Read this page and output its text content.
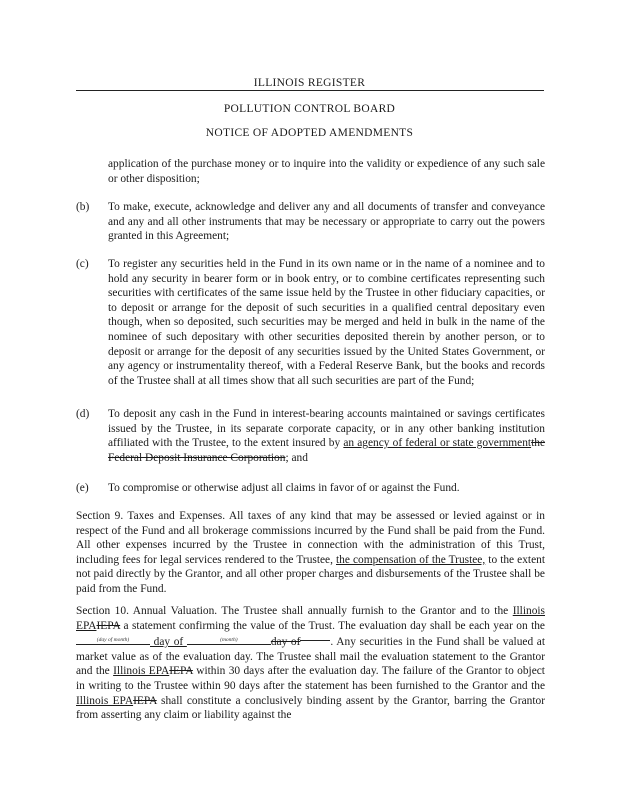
ILLINOIS REGISTER
POLLUTION CONTROL BOARD
NOTICE OF ADOPTED AMENDMENTS
application of the purchase money or to inquire into the validity or expedience of any such sale or other disposition;
(b) To make, execute, acknowledge and deliver any and all documents of transfer and conveyance and any and all other instruments that may be necessary or appropriate to carry out the powers granted in this Agreement;
(c) To register any securities held in the Fund in its own name or in the name of a nominee and to hold any security in bearer form or in book entry, or to combine certificates representing such securities with certificates of the same issue held by the Trustee in other fiduciary capacities, or to deposit or arrange for the deposit of such securities in a qualified central depositary even though, when so deposited, such securities may be merged and held in bulk in the name of the nominee of such depositary with other securities deposited therein by another person, or to deposit or arrange for the deposit of any securities issued by the United States Government, or any agency or instrumentality thereof, with a Federal Reserve Bank, but the books and records of the Trustee shall at all times show that all such securities are part of the Fund;
(d) To deposit any cash in the Fund in interest-bearing accounts maintained or savings certificates issued by the Trustee, in its separate corporate capacity, or in any other banking institution affiliated with the Trustee, to the extent insured by an agency of federal or state governmentthe Federal Deposit Insurance Corporation; and
(e) To compromise or otherwise adjust all claims in favor of or against the Fund.
Section 9. Taxes and Expenses. All taxes of any kind that may be assessed or levied against or in respect of the Fund and all brokerage commissions incurred by the Fund shall be paid from the Fund. All other expenses incurred by the Trustee in connection with the administration of this Trust, including fees for legal services rendered to the Trustee, the compensation of the Trustee, to the extent not paid directly by the Grantor, and all other proper charges and disbursements of the Trustee shall be paid from the Fund.
Section 10. Annual Valuation. The Trustee shall annually furnish to the Grantor and to the Illinois EPAIEPA a statement confirming the value of the Trust. The evaluation day shall be each year on the
(day of month)	day of	(month)	day of	. Any securities in the Fund shall be valued at market value as of the evaluation day. The Trustee shall mail the evaluation statement to the Grantor and the Illinois EPAIEPA within 30 days after the evaluation day. The failure of the Grantor to object in writing to the Trustee within 90 days after the statement has been furnished to the Grantor and the Illinois EPAIEPA shall constitute a conclusively binding assent by the Grantor, barring the Grantor from asserting any claim or liability against the
